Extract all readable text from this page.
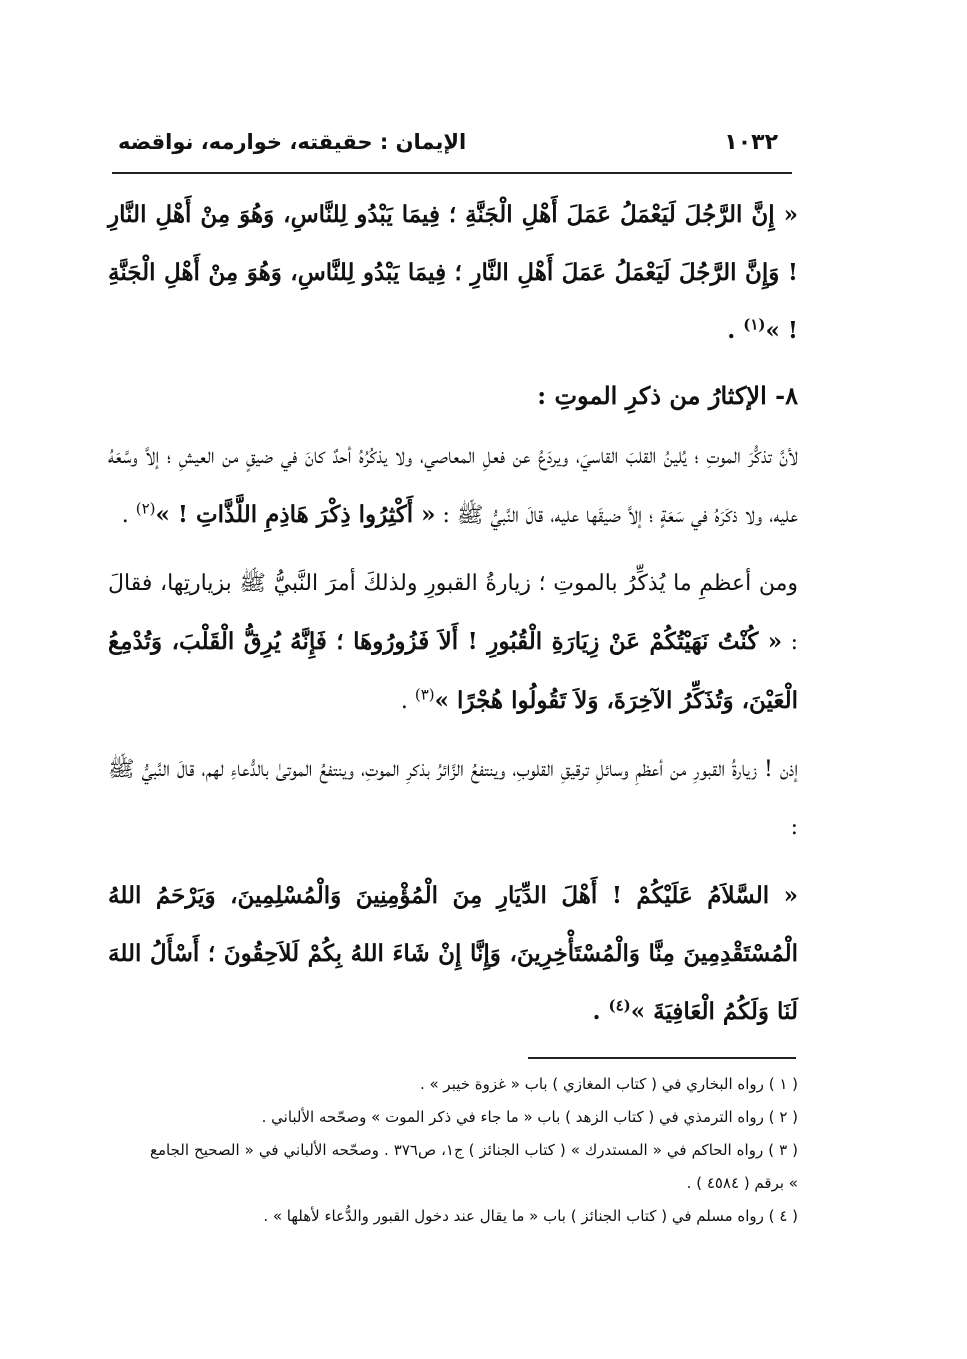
الإيمان : حقيقته، خوارمه، نواقضه	١٠٣٢

« إِنَّ الرَّجُلَ لَيَعْمَلُ عَمَلَ أَهْلِ الْجَنَّةِ ؛ فِيمَا يَبْدُو لِلنَّاسِ، وَهُوَ مِنْ أَهْلِ النَّارِ ! وَإِنَّ الرَّجُلَ لَيَعْمَلُ عَمَلَ أَهْلِ النَّارِ ؛ فِيمَا يَبْدُو لِلنَّاسِ، وَهُوَ مِنْ أَهْلِ الْجَنَّةِ ! »$^{(١)}$ .

٨- الإكثارُ من ذكرِ الموتِ :

لأنَّ تذكُّرَ الموتِ ؛ يُلينُ القلبَ القاسيَ، ويردَعُ عن فعلِ المعاصي، ولا يذكُرُهُ أحدٌ كانَ في ضيقٍ من العيشِ ؛ إلاَّ وسَّعَهُ عليه، ولا ذكَرَهُ في سَعَةٍ ؛ إلاَّ ضيقَها عليه، قالَ النَّبيُّ ﷺ : « أَكْثِرُوا ذِكْرَ هَاذِمِ اللَّذَّاتِ ! »$^{(٢)}$ .

ومن أعظمِ ما يُذكِّرُ بالموتِ ؛ زيارةُ القبورِ ولذلكَ أمرَ النَّبيُّ ﷺ بزيارتِها، فقالَ : « كُنْتُ نَهَيْتُكُمْ عَنْ زِيَارَةِ الْقُبُورِ ! أَلاَ فَزُورُوهَا ؛ فَإِنَّهُ يُرِقُّ الْقَلْبَ، وَتُدْمِعُ الْعَيْنَ، وَتُذَكِّرُ الآخِرَةَ، وَلاَ تَقُولُوا هُجْرًا »$^{(٣)}$ .

إذن ! زيارةُ القبورِ من أعظمِ وسائلِ ترقيقِ القلوبِ، وينتفعُ الزَّائرُ بذكرِ الموتِ، وينتفعُ الموتىٰ بالدُّعاءِ لهم، قالَ النَّبيُّ ﷺ :

« السَّلاَمُ عَلَيْكُمْ ! أَهْلَ الدِّيَارِ مِنَ الْمُؤْمِنِينَ وَالْمُسْلِمِينَ، وَيَرْحَمُ اللهُ الْمُسْتَقْدِمِينَ مِنَّا وَالْمُسْتَأْخِرِينَ، وَإِنَّا إِنْ شَاءَ اللهُ بِكُمْ لَلاَحِقُونَ ؛ أَسْأَلُ اللهَ لَنَا وَلَكُمُ الْعَافِيَةَ »$^{(٤)}$ .

( ١ ) رواه البخاري في ( كتاب المغازي ) باب « غزوة خيبر » .

( ٢ ) رواه الترمذي في ( كتاب الزهد ) باب « ما جاء في ذكر الموت » وصحّحه الألباني .

( ٣ ) رواه الحاكم في « المستدرك » ( كتاب الجنائز ) ج١، ص٣٧٦ . وصحّحه الألباني في « الصحيح الجامع » برقم ( ٤٥٨٤ ) .

( ٤ ) رواه مسلم في ( كتاب الجنائز ) باب « ما يقال عند دخول القبور والدُّعاء لأهلها » .
